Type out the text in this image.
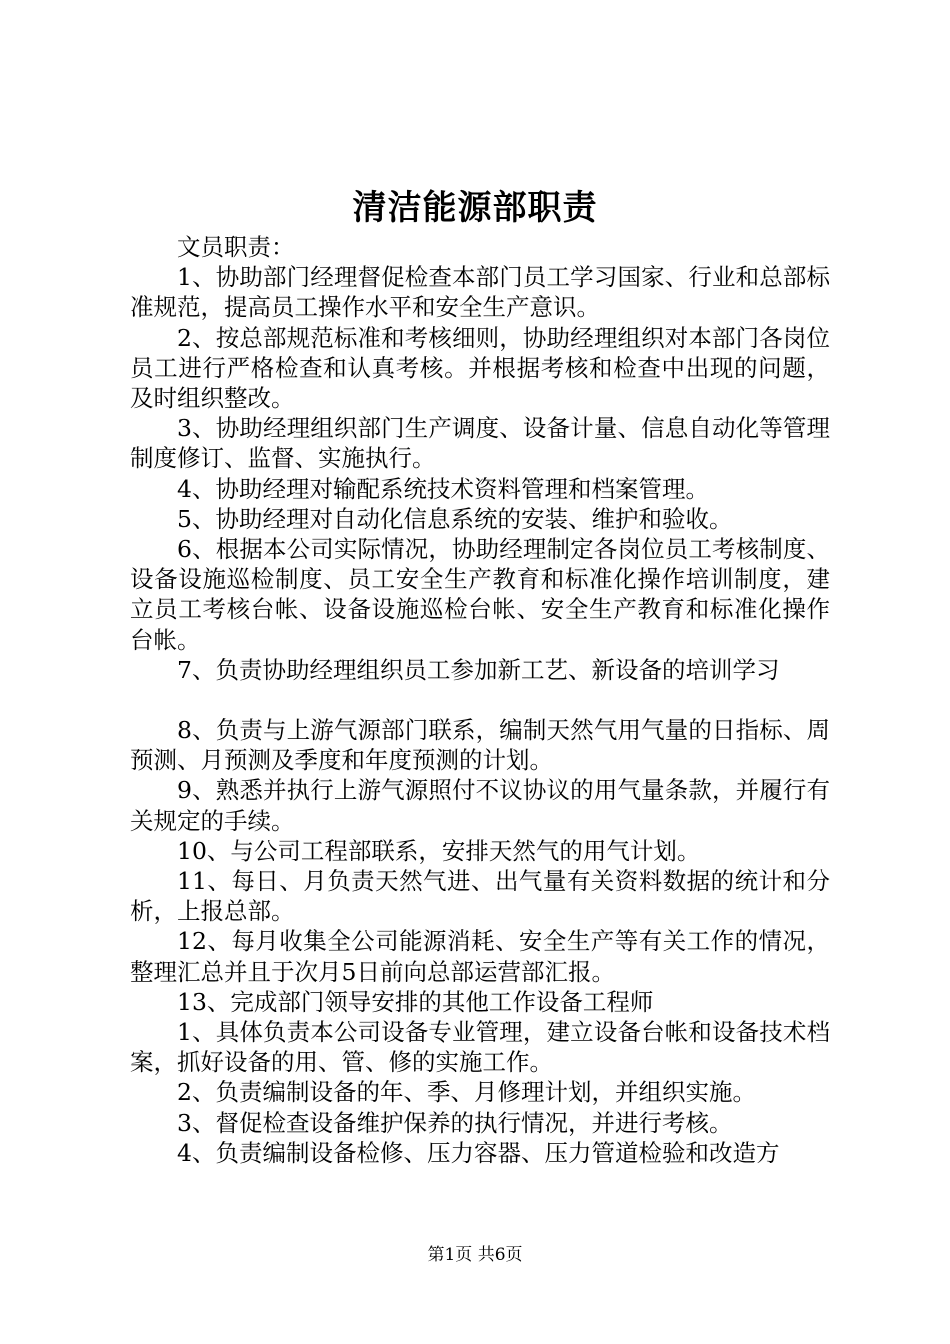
清洁能源部职责

文员职责：

1、协助部门经理督促检查本部门员工学习国家、行业和总部标准规范，提高员工操作水平和安全生产意识。

2、按总部规范标准和考核细则，协助经理组织对本部门各岗位员工进行严格检查和认真考核。并根据考核和检查中出现的问题，及时组织整改。

3、协助经理组织部门生产调度、设备计量、信息自动化等管理制度修订、监督、实施执行。

4、协助经理对输配系统技术资料管理和档案管理。

5、协助经理对自动化信息系统的安装、维护和验收。

6、根据本公司实际情况，协助经理制定各岗位员工考核制度、设备设施巡检制度、员工安全生产教育和标准化操作培训制度，建立员工考核台帐、设备设施巡检台帐、安全生产教育和标准化操作台帐。

7、负责协助经理组织员工参加新工艺、新设备的培训学习

8、负责与上游气源部门联系，编制天然气用气量的日指标、周预测、月预测及季度和年度预测的计划。

9、熟悉并执行上游气源照付不议协议的用气量条款，并履行有关规定的手续。

10、与公司工程部联系，安排天然气的用气计划。

11、每日、月负责天然气进、出气量有关资料数据的统计和分析，上报总部。

12、每月收集全公司能源消耗、安全生产等有关工作的情况，整理汇总并且于次月5日前向总部运营部汇报。

13、完成部门领导安排的其他工作设备工程师

1、具体负责本公司设备专业管理，建立设备台帐和设备技术档案，抓好设备的用、管、修的实施工作。

2、负责编制设备的年、季、月修理计划，并组织实施。

3、督促检查设备维护保养的执行情况，并进行考核。

4、负责编制设备检修、压力容器、压力管道检验和改造方

第1页 共6页
